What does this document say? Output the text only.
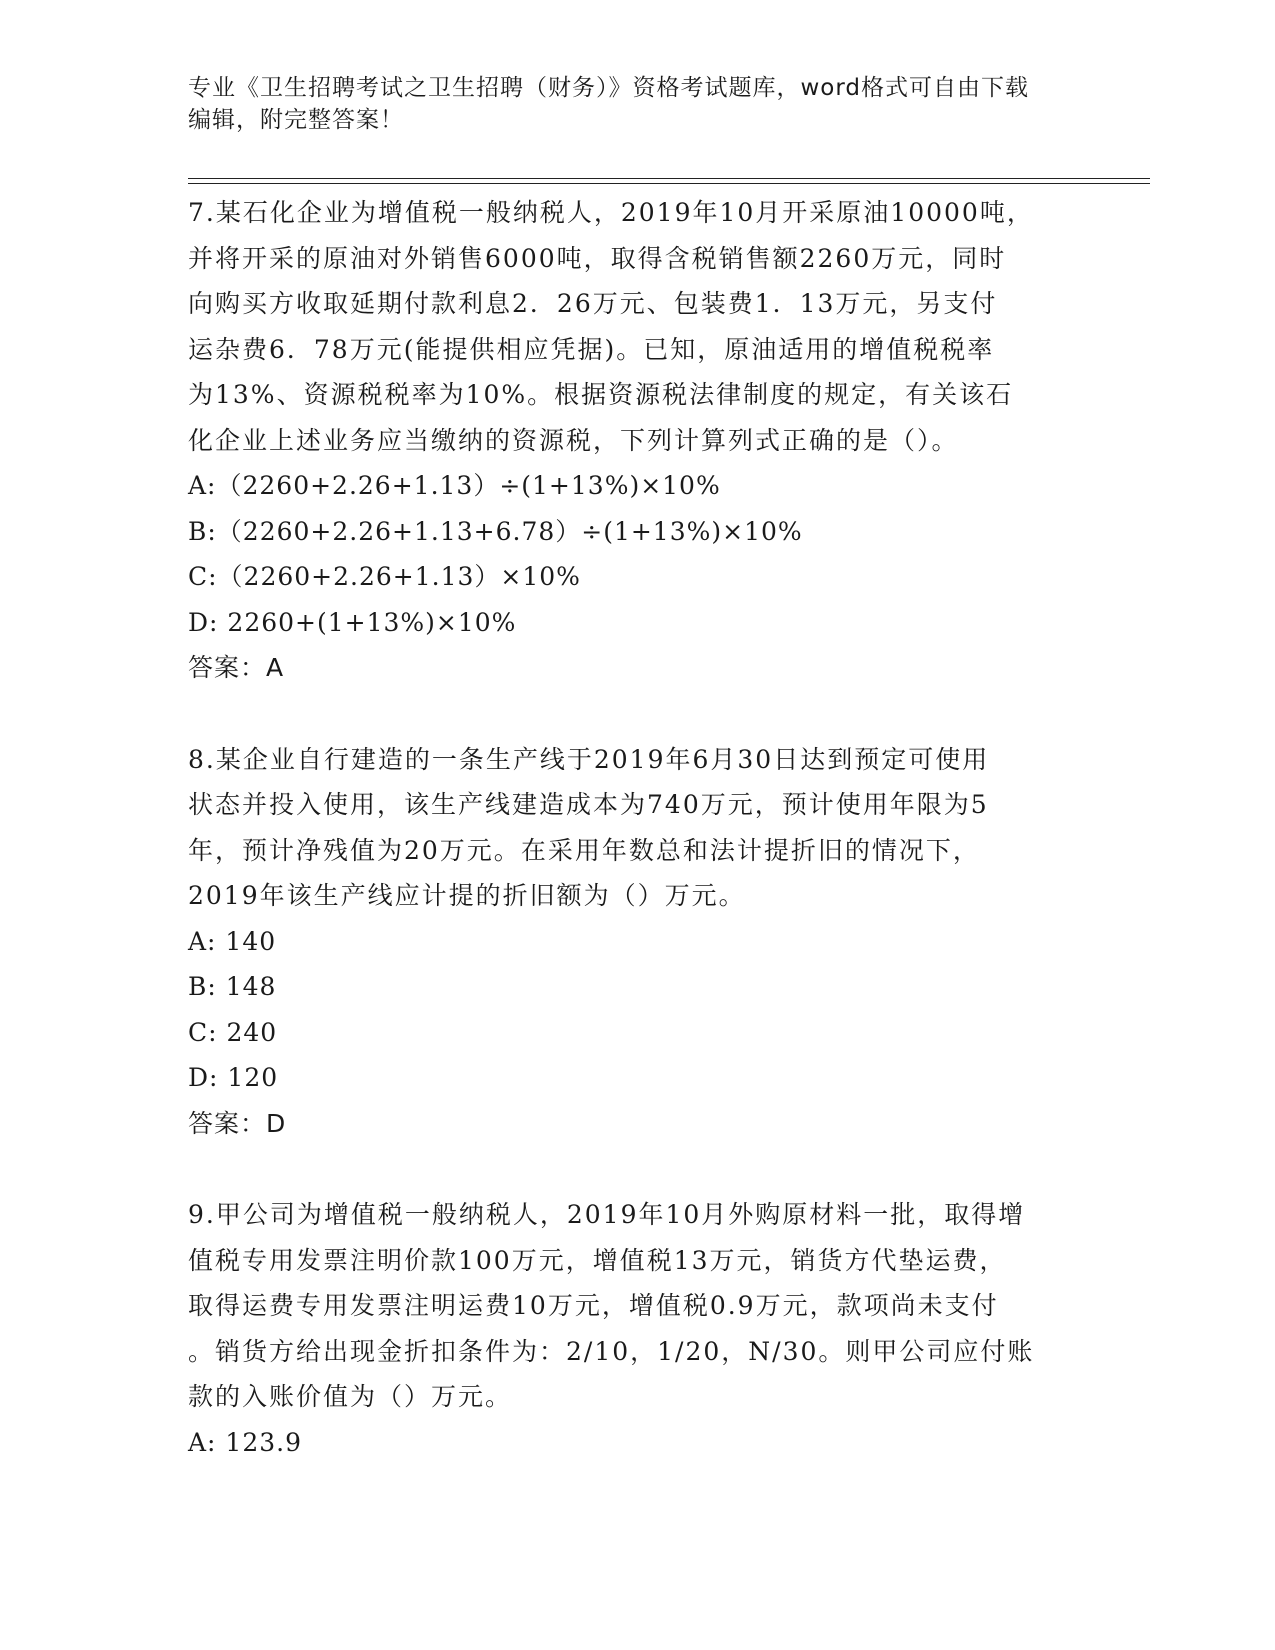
专业《卫生招聘考试之卫生招聘（财务）》资格考试题库，word格式可自由下载
编辑，附完整答案！

7.某石化企业为增值税一般纳税人，2019年10月开采原油10000吨，

并将开采的原油对外销售6000吨，取得含税销售额2260万元，同时

向购买方收取延期付款利息2．26万元、包装费1．13万元，另支付

运杂费6．78万元(能提供相应凭据)。已知，原油适用的增值税税率

为13%、资源税税率为10%。根据资源税法律制度的规定，有关该石

化企业上述业务应当缴纳的资源税，下列计算列式正确的是（）。

A:（2260+2.26+1.13）÷(1+13%)×10%

B:（2260+2.26+1.13+6.78）÷(1+13%)×10%

C:（2260+2.26+1.13）×10%

D: 2260+(1+13%)×10%

答案：A

8.某企业自行建造的一条生产线于2019年6月30日达到预定可使用

状态并投入使用，该生产线建造成本为740万元，预计使用年限为5

年，预计净残值为20万元。在采用年数总和法计提折旧的情况下，

2019年该生产线应计提的折旧额为（）万元。

A: 140

B: 148

C: 240

D: 120

答案：D

9.甲公司为增值税一般纳税人，2019年10月外购原材料一批，取得增

值税专用发票注明价款100万元，增值税13万元，销货方代垫运费，

取得运费专用发票注明运费10万元，增值税0.9万元，款项尚未支付

。销货方给出现金折扣条件为：2/10，1/20，N/30。则甲公司应付账

款的入账价值为（）万元。

A: 123.9
